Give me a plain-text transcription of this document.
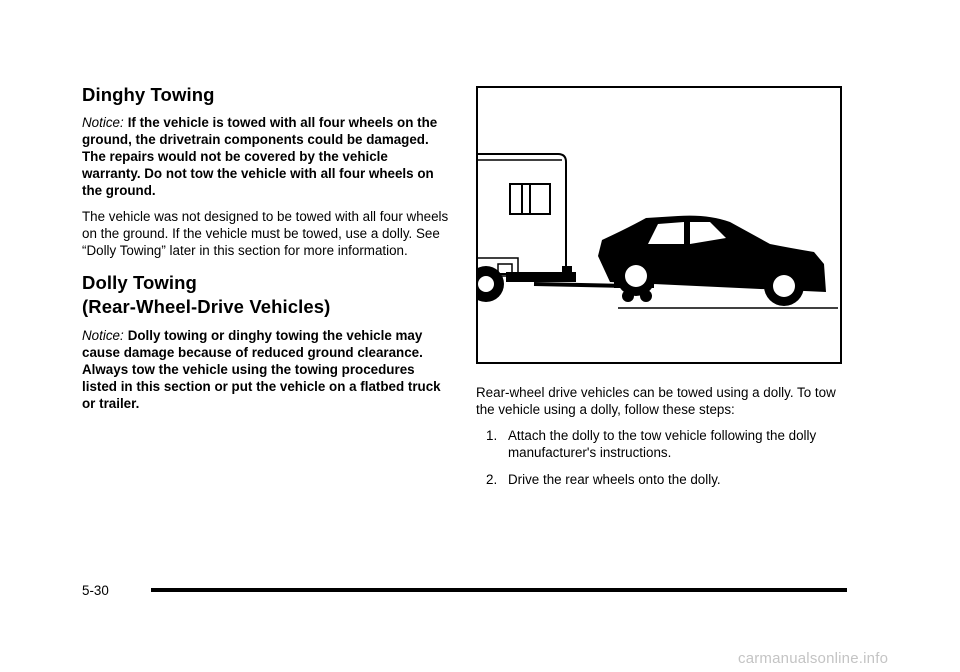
Dinghy Towing

Notice: If the vehicle is towed with all four wheels on the ground, the drivetrain components could be damaged. The repairs would not be covered by the vehicle warranty. Do not tow the vehicle with all four wheels on the ground.

The vehicle was not designed to be towed with all four wheels on the ground. If the vehicle must be towed, use a dolly. See “Dolly Towing” later in this section for more information.

Dolly Towing
(Rear-Wheel-Drive Vehicles)

Notice: Dolly towing or dinghy towing the vehicle may cause damage because of reduced ground clearance. Always tow the vehicle using the towing procedures listed in this section or put the vehicle on a flatbed truck or trailer.

Rear-wheel drive vehicles can be towed using a dolly. To tow the vehicle using a dolly, follow these steps:

1. Attach the dolly to the tow vehicle following the dolly manufacturer's instructions.
2. Drive the rear wheels onto the dolly.
5-30
carmanualsonline.info
